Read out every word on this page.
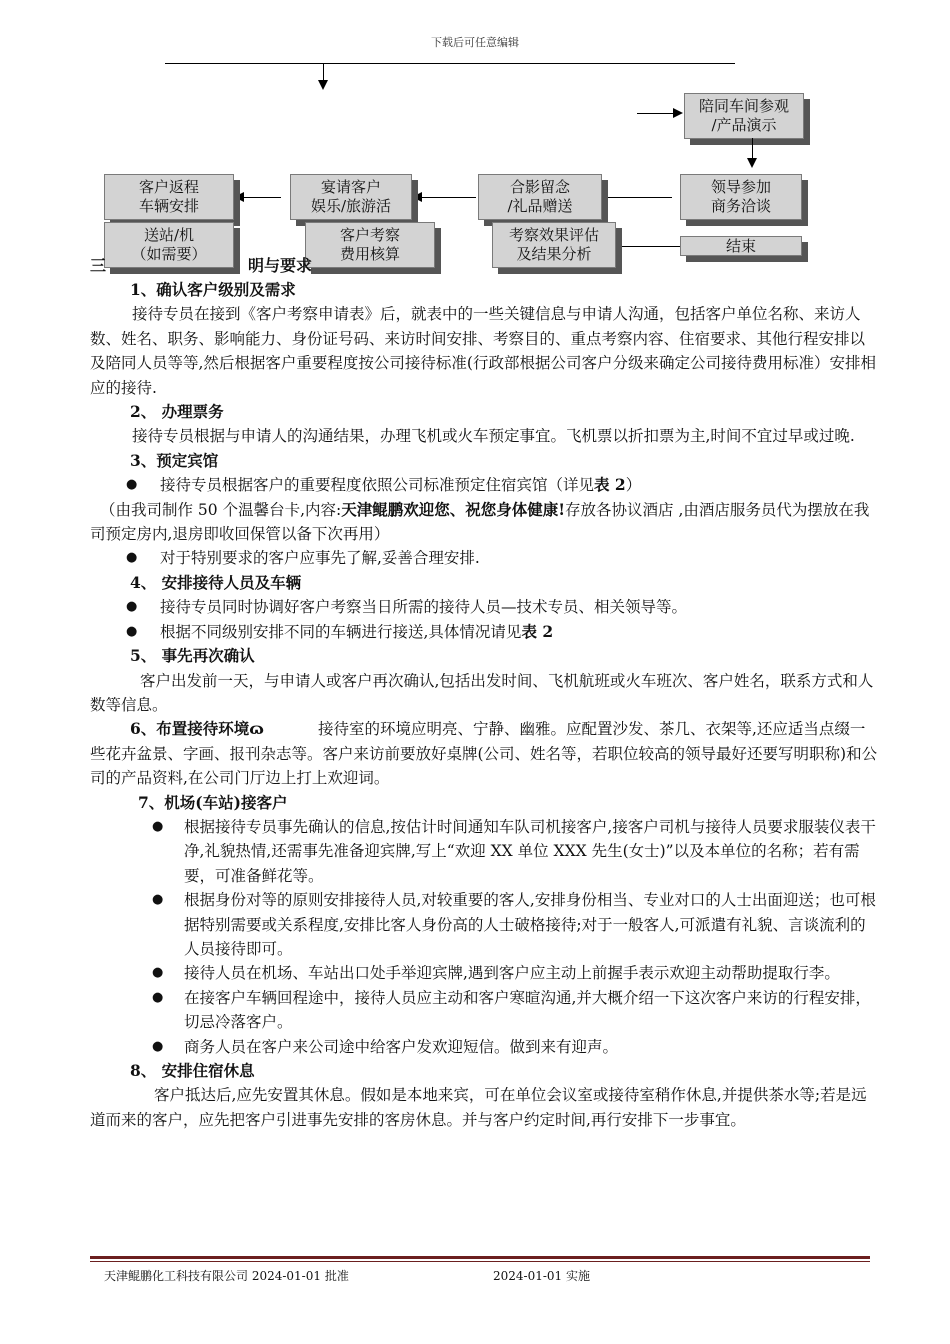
下载后可任意编辑
陪同车间参观
/产品演示
领导参加
商务洽谈
结束
合影留念
/礼品赠送
考察效果评估
及结果分析
宴请客户
娱乐/旅游活
客户考察
费用核算
客户返程
车辆安排
送站/机
（如需要）
三	明与要求

1、确认客户级别及需求

接待专员在接到《客户考察申请表》后，就表中的一些关键信息与申请人沟通，包括客户单位名称、来访人数、姓名、职务、影响能力、身份证号码、来访时间安排、考察目的、重点考察内容、住宿要求、其他行程安排以及陪同人员等等,然后根据客户重要程度按公司接待标准(行政部根据公司客户分级来确定公司接待费用标准）安排相应的接待.

2、 办理票务

接待专员根据与申请人的沟通结果，办理飞机或火车预定事宜。飞机票以折扣票为主,时间不宜过早或过晚.

3、预定宾馆

● 接待专员根据客户的重要程度依照公司标准预定住宿宾馆（详见表 2）

（由我司制作 50 个温馨台卡,内容:天津鲲鹏欢迎您、祝您身体健康!存放各协议酒店 ,由酒店服务员代为摆放在我司预定房内,退房即收回保管以备下次再用）

● 对于特别要求的客户应事先了解,妥善合理安排.

4、 安排接待人员及车辆

● 接待专员同时协调好客户考察当日所需的接待人员—技术专员、相关领导等。

● 根据不同级别安排不同的车辆进行接送,具体情况请见表 2

5、 事先再次确认

客户出发前一天，与申请人或客户再次确认,包括出发时间、飞机航班或火车班次、客户姓名，联系方式和人数等信息。

6、布置接待环境ɷ	接待室的环境应明亮、宁静、幽雅。应配置沙发、茶几、衣架等,还应适当点缀一些花卉盆景、字画、报刊杂志等。客户来访前要放好桌牌(公司、姓名等，若职位较高的领导最好还要写明职称)和公司的产品资料,在公司门厅边上打上欢迎词。

7、机场(车站)接客户

● 根据接待专员事先确认的信息,按估计时间通知车队司机接客户,接客户司机与接待人员要求服装仪表干净,礼貌热情,还需事先准备迎宾牌,写上“欢迎 XX 单位 XXX 先生(女士)”以及本单位的名称；若有需要，可准备鲜花等。

● 根据身份对等的原则安排接待人员,对较重要的客人,安排身份相当、专业对口的人士出面迎送；也可根据特别需要或关系程度,安排比客人身份高的人士破格接待;对于一般客人,可派遣有礼貌、言谈流利的人员接待即可。

● 接待人员在机场、车站出口处手举迎宾牌,遇到客户应主动上前握手表示欢迎主动帮助提取行李。

● 在接客户车辆回程途中，接待人员应主动和客户寒暄沟通,并大概介绍一下这次客户来访的行程安排，切忌冷落客户。

● 商务人员在客户来公司途中给客户发欢迎短信。做到来有迎声。

8、 安排住宿休息

客户抵达后,应先安置其休息。假如是本地来宾，可在单位会议室或接待室稍作休息,并提供茶水等;若是远道而来的客户，应先把客户引进事先安排的客房休息。并与客户约定时间,再行安排下一步事宜。

天津鲲鹏化工科技有限公司 2024-01-01 批准	2024-01-01 实施
